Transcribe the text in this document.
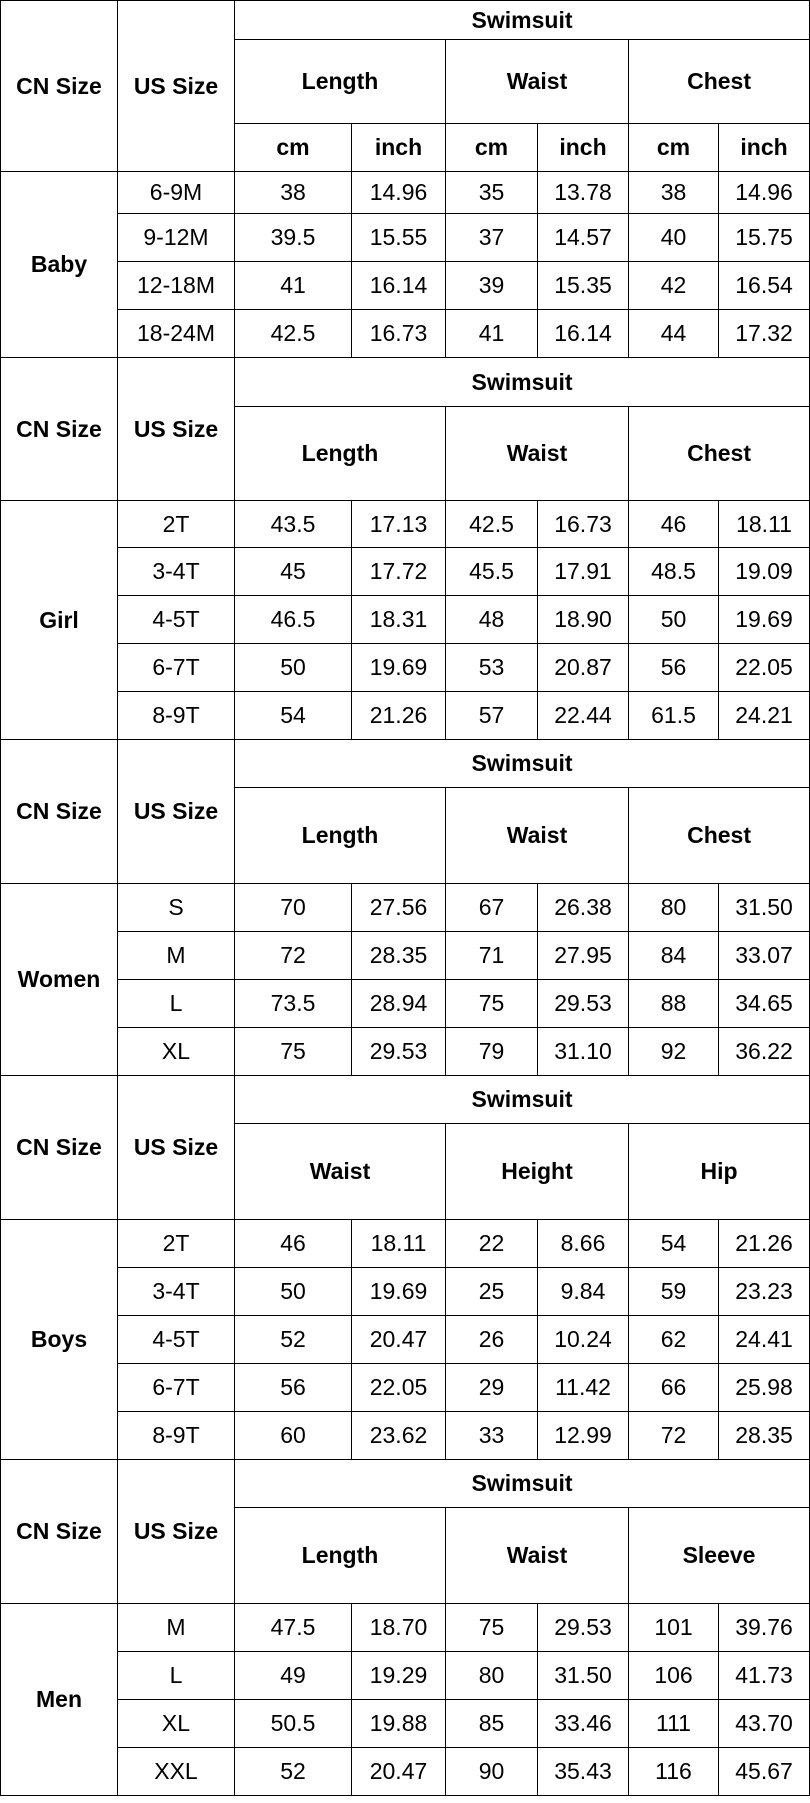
CN Size	US Size	Swimsuit					
		Length		Waist		Chest	
		cm	inch	cm	inch	cm	inch
Baby	6-9M	38	14.96	35	13.78	38	14.96
	9-12M	39.5	15.55	37	14.57	40	15.75
	12-18M	41	16.14	39	15.35	42	16.54
	18-24M	42.5	16.73	41	16.14	44	17.32
CN Size	US Size	Swimsuit					
		Length		Waist		Chest	
Girl	2T	43.5	17.13	42.5	16.73	46	18.11
	3-4T	45	17.72	45.5	17.91	48.5	19.09
	4-5T	46.5	18.31	48	18.90	50	19.69
	6-7T	50	19.69	53	20.87	56	22.05
	8-9T	54	21.26	57	22.44	61.5	24.21
CN Size	US Size	Swimsuit					
		Length		Waist		Chest	
Women	S	70	27.56	67	26.38	80	31.50
	M	72	28.35	71	27.95	84	33.07
	L	73.5	28.94	75	29.53	88	34.65
	XL	75	29.53	79	31.10	92	36.22
CN Size	US Size	Swimsuit					
		Waist		Height		Hip	
Boys	2T	46	18.11	22	8.66	54	21.26
	3-4T	50	19.69	25	9.84	59	23.23
	4-5T	52	20.47	26	10.24	62	24.41
	6-7T	56	22.05	29	11.42	66	25.98
	8-9T	60	23.62	33	12.99	72	28.35
CN Size	US Size	Swimsuit					
		Length		Waist		Sleeve	
Men	M	47.5	18.70	75	29.53	101	39.76
	L	49	19.29	80	31.50	106	41.73
	XL	50.5	19.88	85	33.46	111	43.70
	XXL	52	20.47	90	35.43	116	45.67
